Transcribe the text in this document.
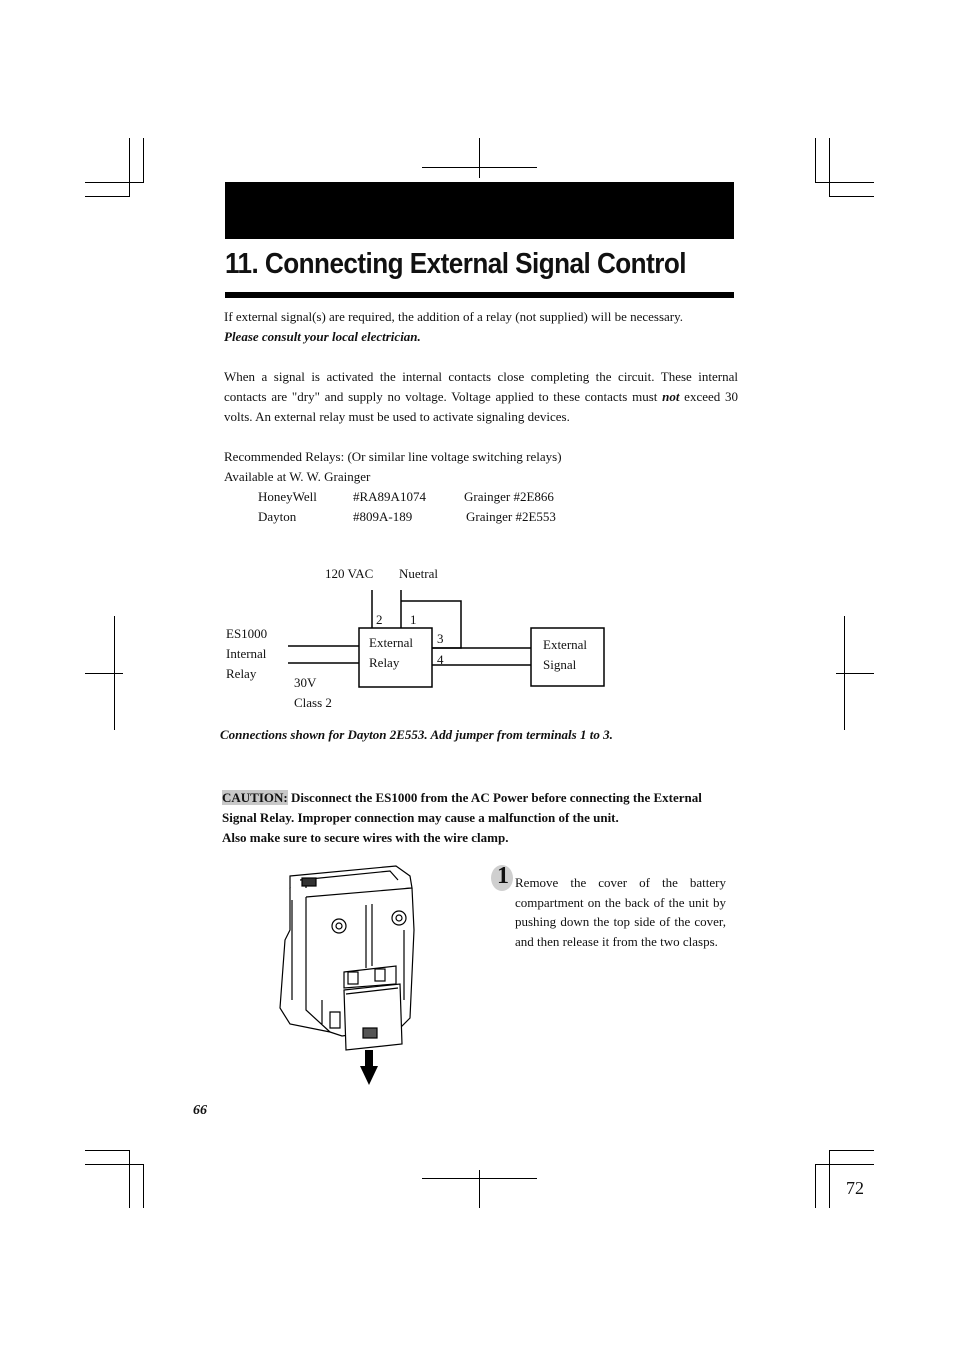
11. Connecting External Signal Control
If external signal(s) are required, the addition of a relay (not supplied) will be necessary.
Please consult your local electrician.
When a signal is activated the internal contacts close completing the circuit. These internal contacts are "dry" and supply no voltage. Voltage applied to these contacts must not exceed 30 volts. An external relay must be used to activate signaling devices.
Recommended Relays: (Or similar line voltage switching relays)
Available at W. W. Grainger
HoneyWell	#RA89A1074	Grainger #2E866
Dayton	#809A-189	Grainger #2E553
120 VAC Nuetral
2 1
3
4
ES1000
Internal
Relay
30V
Class 2
External
Relay
External
Signal
Connections shown for Dayton 2E553. Add jumper from terminals 1 to 3.
CAUTION: Disconnect the ES1000 from the AC Power before connecting the External Signal Relay. Improper connection may cause a malfunction of the unit.
Also make sure to secure wires with the wire clamp.
1 Remove the cover of the battery compartment on the back of the unit by pushing down the top side of the cover, and then release it from the two clasps.
66
72
